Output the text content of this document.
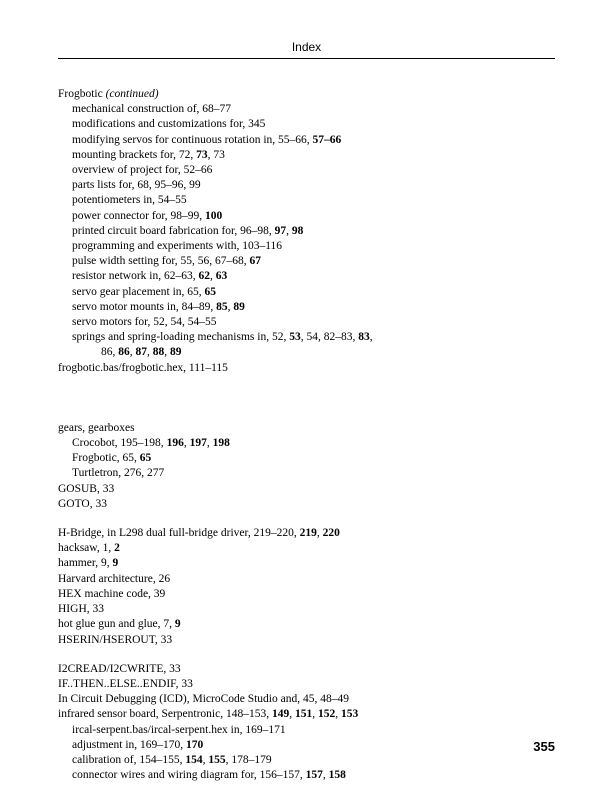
Index
Frogbotic (continued)
mechanical construction of, 68–77
modifications and customizations for, 345
modifying servos for continuous rotation in, 55–66, 57–66
mounting brackets for, 72, 73, 73
overview of project for, 52–66
parts lists for, 68, 95–96, 99
potentiometers in, 54–55
power connector for, 98–99, 100
printed circuit board fabrication for, 96–98, 97, 98
programming and experiments with, 103–116
pulse width setting for, 55, 56, 67–68, 67
resistor network in, 62–63, 62, 63
servo gear placement in, 65, 65
servo motor mounts in, 84–89, 85, 89
servo motors for, 52, 54, 54–55
springs and spring-loading mechanisms in, 52, 53, 54, 82–83, 83,
86, 86, 87, 88, 89
frogbotic.bas/frogbotic.hex, 111–115
gears, gearboxes
Crocobot, 195–198, 196, 197, 198
Frogbotic, 65, 65
Turtletron, 276, 277
GOSUB, 33
GOTO, 33
H-Bridge, in L298 dual full-bridge driver, 219–220, 219, 220
hacksaw, 1, 2
hammer, 9, 9
Harvard architecture, 26
HEX machine code, 39
HIGH, 33
hot glue gun and glue, 7, 9
HSERIN/HSEROUT, 33
I2CREAD/I2CWRITE, 33
IF..THEN..ELSE..ENDIF, 33
In Circuit Debugging (ICD), MicroCode Studio and, 45, 48–49
infrared sensor board, Serpentronic, 148–153, 149, 151, 152, 153
ircal-serpent.bas/ircal-serpent.hex in, 169–171
adjustment in, 169–170, 170
calibration of, 154–155, 154, 155, 178–179
connector wires and wiring diagram for, 156–157, 157, 158
355
